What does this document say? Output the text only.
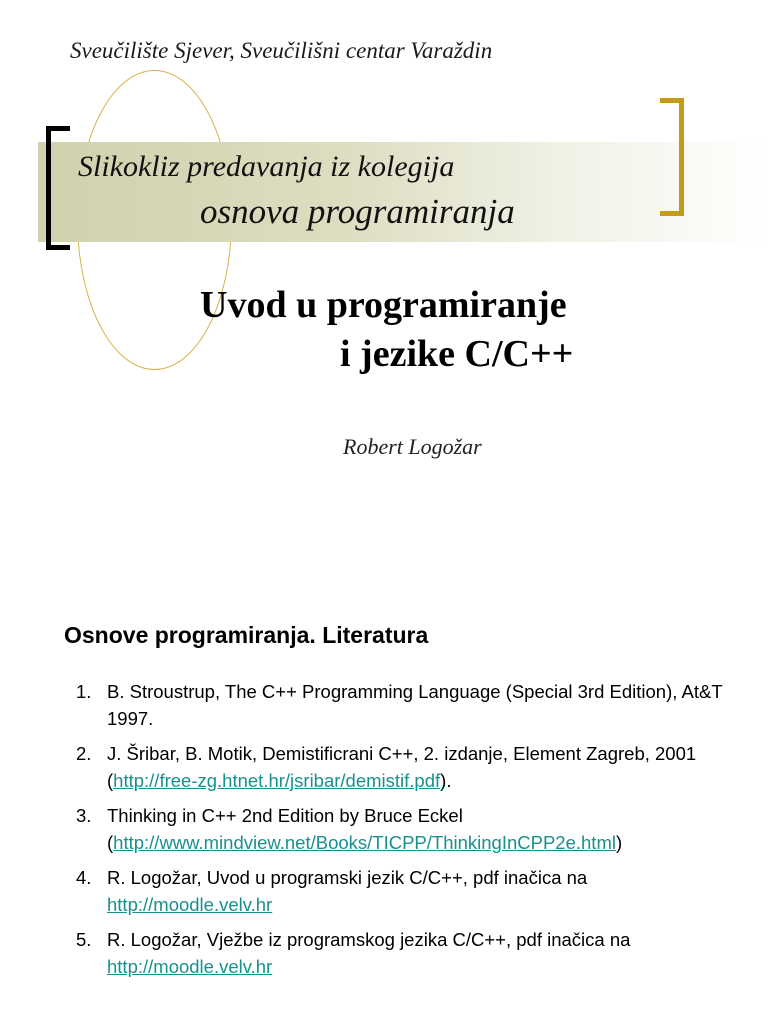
Sveučilište Sjever, Sveučilišni centar Varaždin
Slikokliz predavanja iz kolegija
osnova programiranja
Uvod u programiranje
i jezike C/C++
Robert Logožar
Osnove programiranja. Literatura
1. B. Stroustrup, The C++ Programming Language (Special 3rd Edition), At&T 1997.
2. J. Šribar, B. Motik, Demistificrani C++, 2. izdanje, Element Zagreb, 2001 (http://free-zg.htnet.hr/jsribar/demistif.pdf).
3. Thinking in C++ 2nd Edition by Bruce Eckel (http://www.mindview.net/Books/TICPP/ThinkingInCPP2e.html)
4. R. Logožar, Uvod u programski jezik C/C++, pdf inačica na http://moodle.velv.hr
5. R. Logožar, Vježbe iz programskog jezika C/C++, pdf inačica na http://moodle.velv.hr
